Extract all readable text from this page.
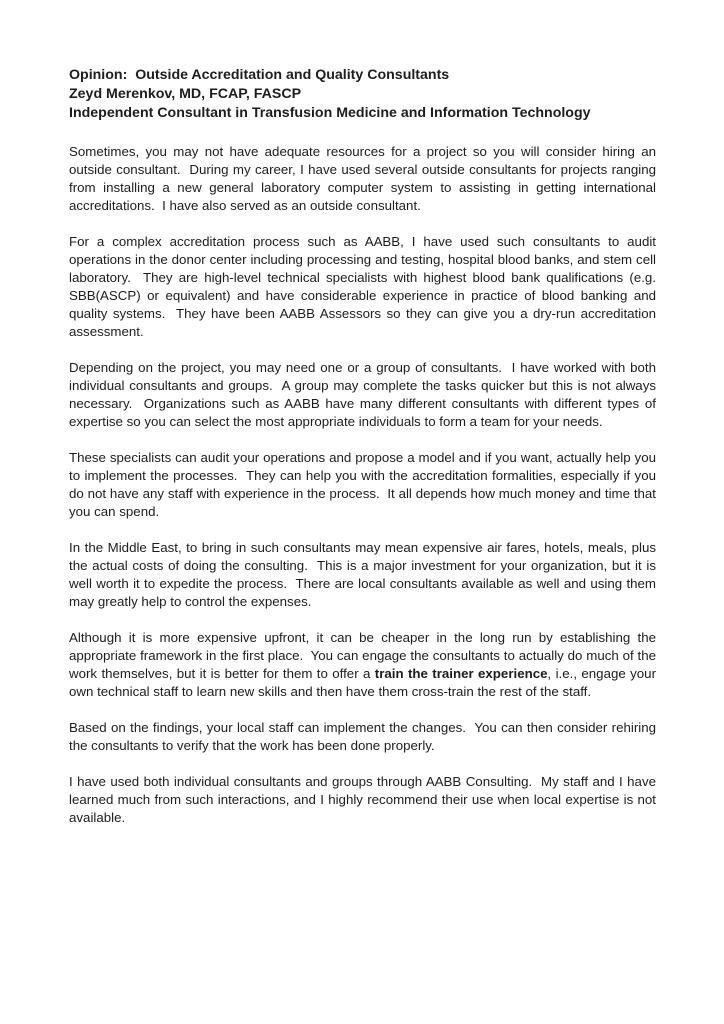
Opinion:  Outside Accreditation and Quality Consultants
Zeyd Merenkov, MD, FCAP, FASCP
Independent Consultant in Transfusion Medicine and Information Technology

Sometimes, you may not have adequate resources for a project so you will consider hiring an outside consultant.  During my career, I have used several outside consultants for projects ranging from installing a new general laboratory computer system to assisting in getting international accreditations.  I have also served as an outside consultant.

For a complex accreditation process such as AABB, I have used such consultants to audit operations in the donor center including processing and testing, hospital blood banks, and stem cell laboratory.  They are high-level technical specialists with highest blood bank qualifications (e.g. SBB(ASCP) or equivalent) and have considerable experience in practice of blood banking and quality systems.  They have been AABB Assessors so they can give you a dry-run accreditation assessment.

Depending on the project, you may need one or a group of consultants.  I have worked with both individual consultants and groups.  A group may complete the tasks quicker but this is not always necessary.  Organizations such as AABB have many different consultants with different types of expertise so you can select the most appropriate individuals to form a team for your needs.

These specialists can audit your operations and propose a model and if you want, actually help you to implement the processes.  They can help you with the accreditation formalities, especially if you do not have any staff with experience in the process.  It all depends how much money and time that you can spend.

In the Middle East, to bring in such consultants may mean expensive air fares, hotels, meals, plus the actual costs of doing the consulting.  This is a major investment for your organization, but it is well worth it to expedite the process.  There are local consultants available as well and using them may greatly help to control the expenses.

Although it is more expensive upfront, it can be cheaper in the long run by establishing the appropriate framework in the first place.  You can engage the consultants to actually do much of the work themselves, but it is better for them to offer a train the trainer experience, i.e., engage your own technical staff to learn new skills and then have them cross-train the rest of the staff.

Based on the findings, your local staff can implement the changes.  You can then consider rehiring the consultants to verify that the work has been done properly.

I have used both individual consultants and groups through AABB Consulting.  My staff and I have learned much from such interactions, and I highly recommend their use when local expertise is not available.
